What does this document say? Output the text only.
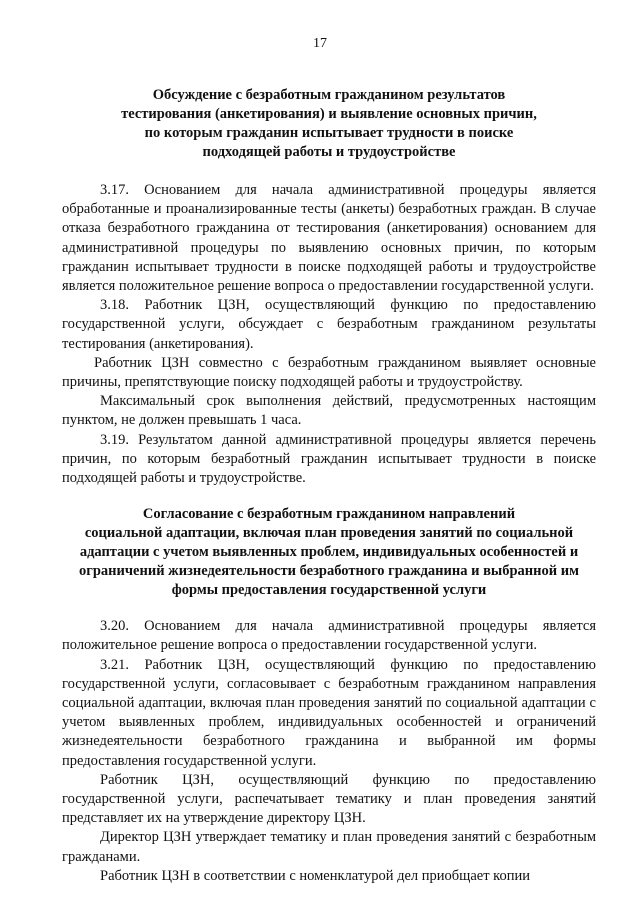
17
Обсуждение с безработным гражданином результатов
тестирования (анкетирования) и выявление основных причин,
по которым гражданин испытывает трудности в поиске
подходящей работы и трудоустройстве

3.17. Основанием для начала административной процедуры является обработанные и проанализированные тесты (анкеты) безработных граждан. В случае отказа безработного гражданина от тестирования (анкетирования) основанием для административной процедуры по выявлению основных причин, по которым гражданин испытывает трудности в поиске подходящей работы и трудоустройстве является положительное решение вопроса о предоставлении государственной услуги.

3.18. Работник ЦЗН, осуществляющий функцию по предоставлению государственной услуги, обсуждает с безработным гражданином результаты тестирования (анкетирования).

Работник ЦЗН совместно с безработным гражданином выявляет основные причины, препятствующие поиску подходящей работы и трудоустройству.

Максимальный срок выполнения действий, предусмотренных настоящим пунктом, не должен превышать 1 часа.

3.19. Результатом данной административной процедуры является перечень причин, по которым безработный гражданин испытывает трудности в поиске подходящей работы и трудоустройстве.

Согласование с безработным гражданином направлений
социальной адаптации, включая план проведения занятий по социальной
адаптации с учетом выявленных проблем, индивидуальных особенностей и
ограничений жизнедеятельности безработного гражданина и выбранной им
формы предоставления государственной услуги

3.20. Основанием для начала административной процедуры является положительное решение вопроса о предоставлении государственной услуги.

3.21. Работник ЦЗН, осуществляющий функцию по предоставлению государственной услуги, согласовывает с безработным гражданином направления социальной адаптации, включая план проведения занятий по социальной адаптации с учетом выявленных проблем, индивидуальных особенностей и ограничений жизнедеятельности безработного гражданина и выбранной им формы предоставления государственной услуги.

Работник ЦЗН, осуществляющий функцию по предоставлению государственной услуги, распечатывает тематику и план проведения занятий представляет их на утверждение директору ЦЗН.

Директор ЦЗН утверждает тематику и план проведения занятий с безработным гражданами.

Работник ЦЗН в соответствии с номенклатурой дел приобщает копии
